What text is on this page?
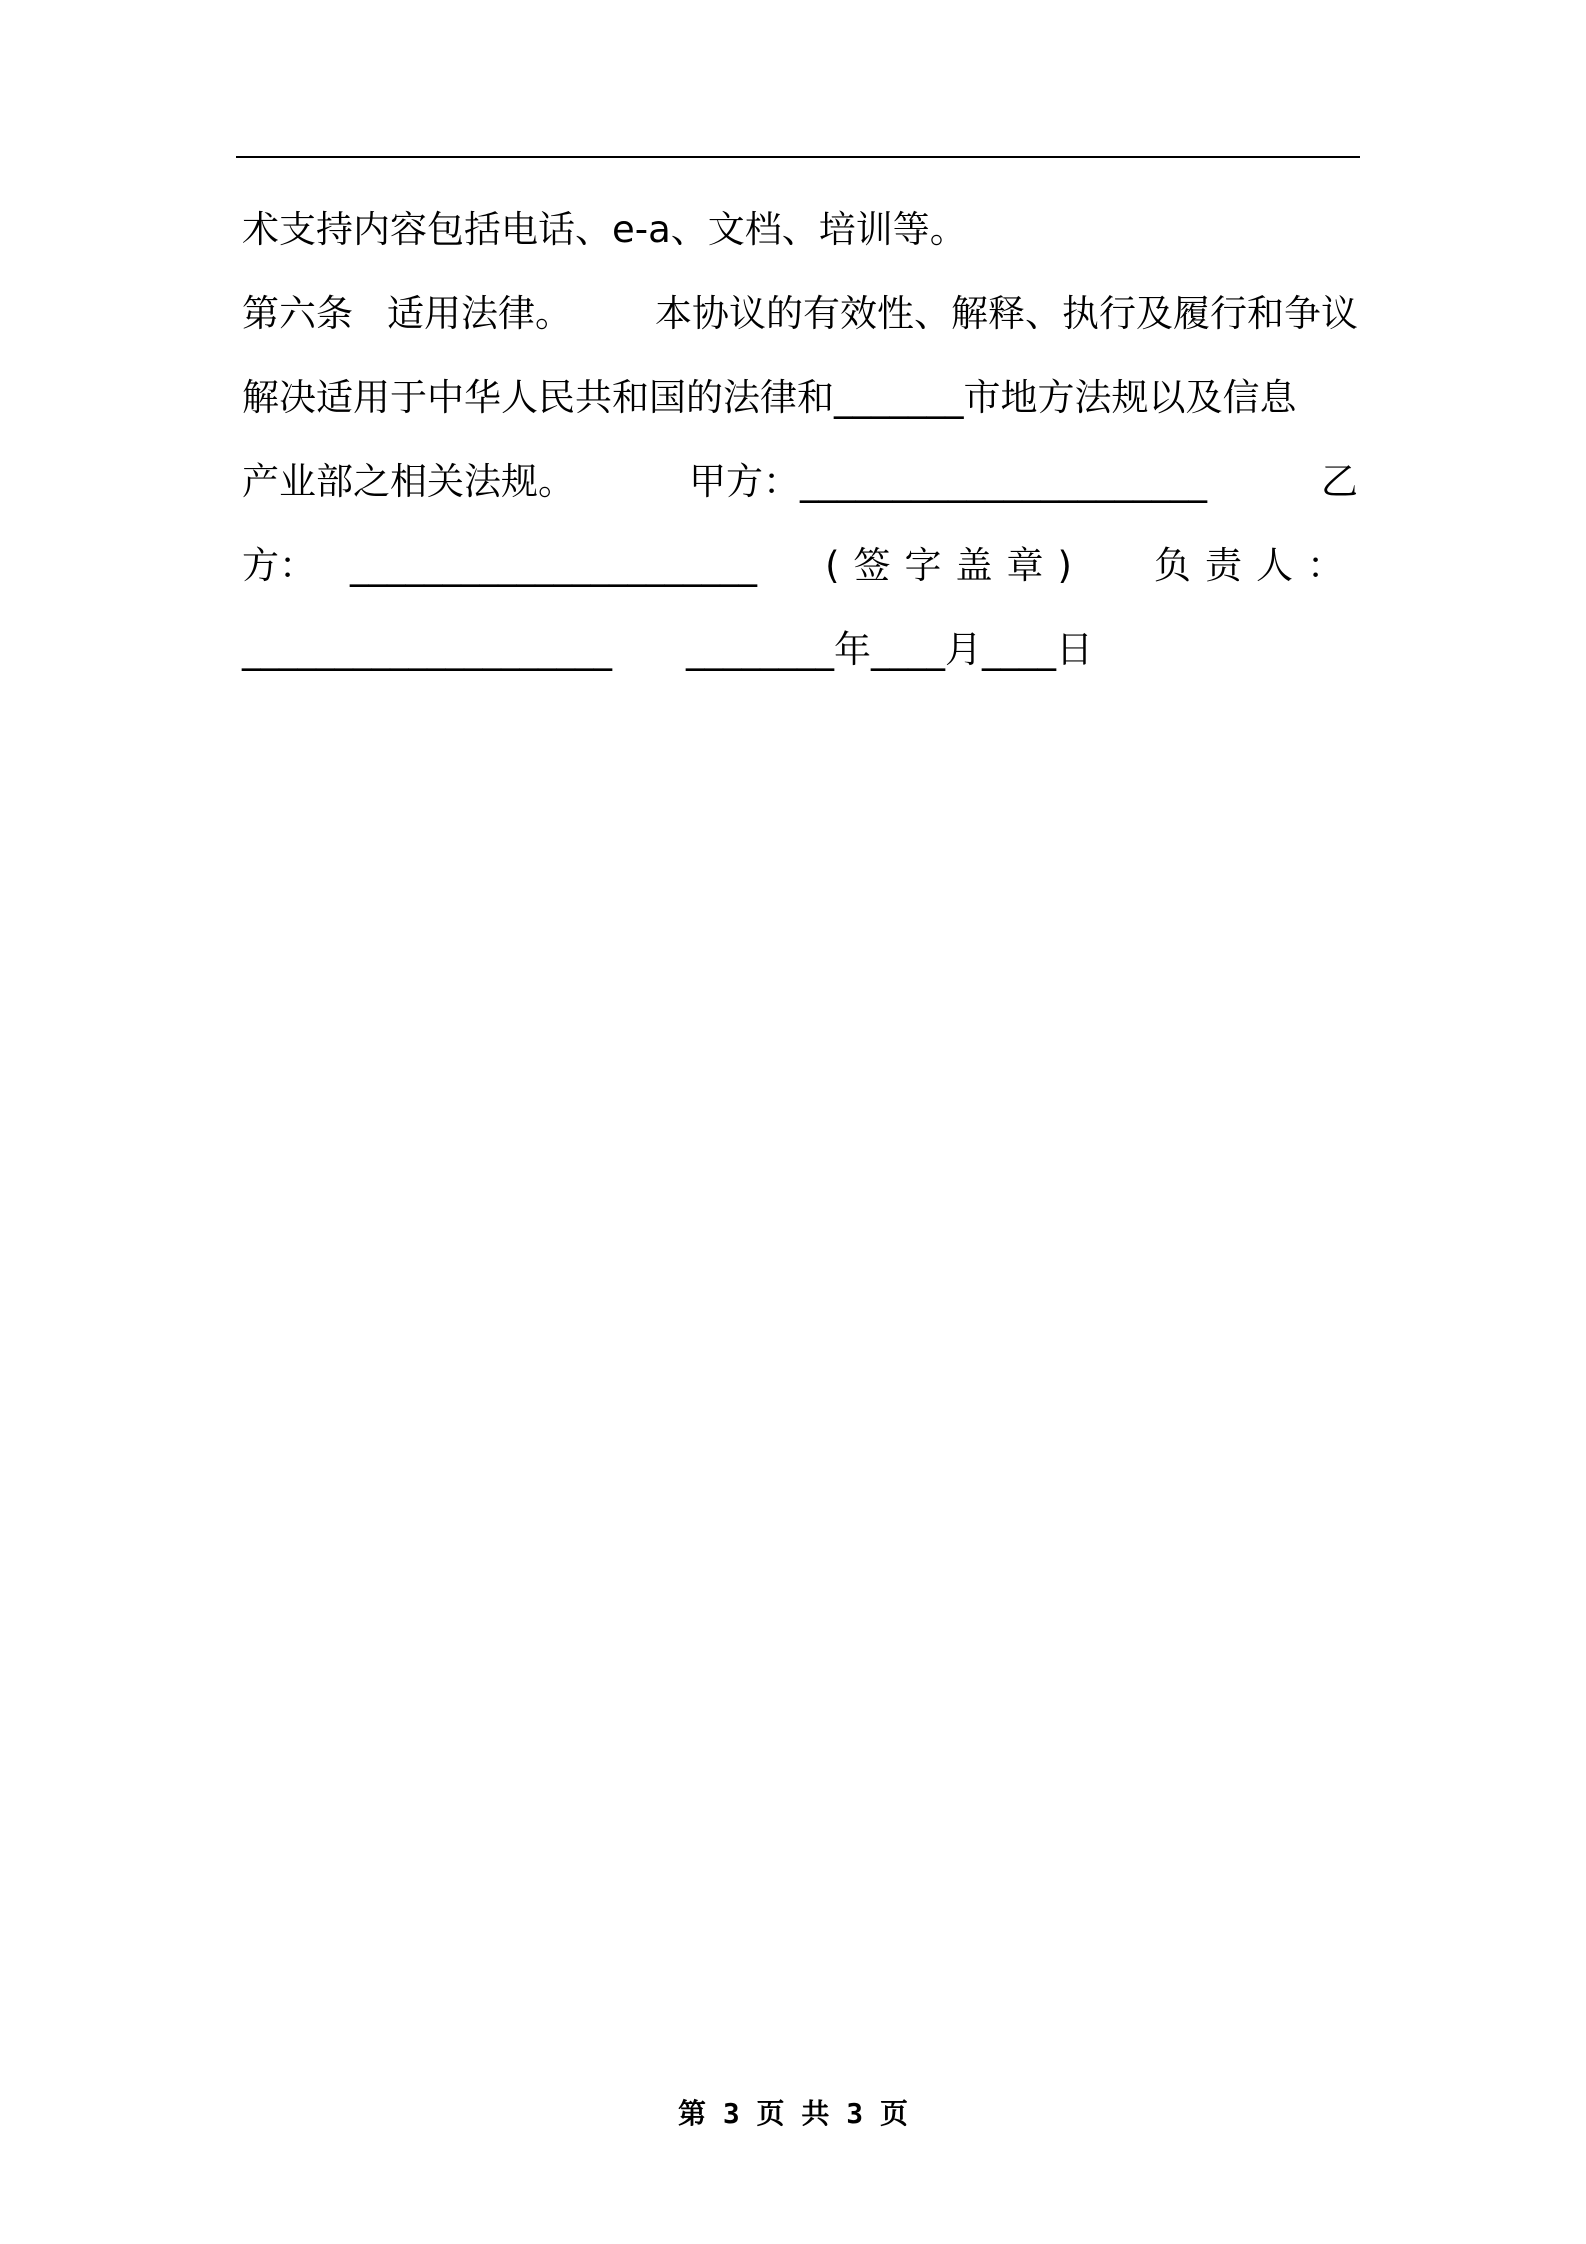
术支持内容包括电话、e-a、文档、培训等。
第六条 适用法律。 本协议的有效性、解释、执行及履行和争议
解决适用于中华人民共和国的法律和_______市地方法规以及信息
产业部之相关法规。	甲方：______________________	乙
方： ______________________ (签字盖章) 负责人：
____________________ ________年____月____日
第 3 页 共 3 页
